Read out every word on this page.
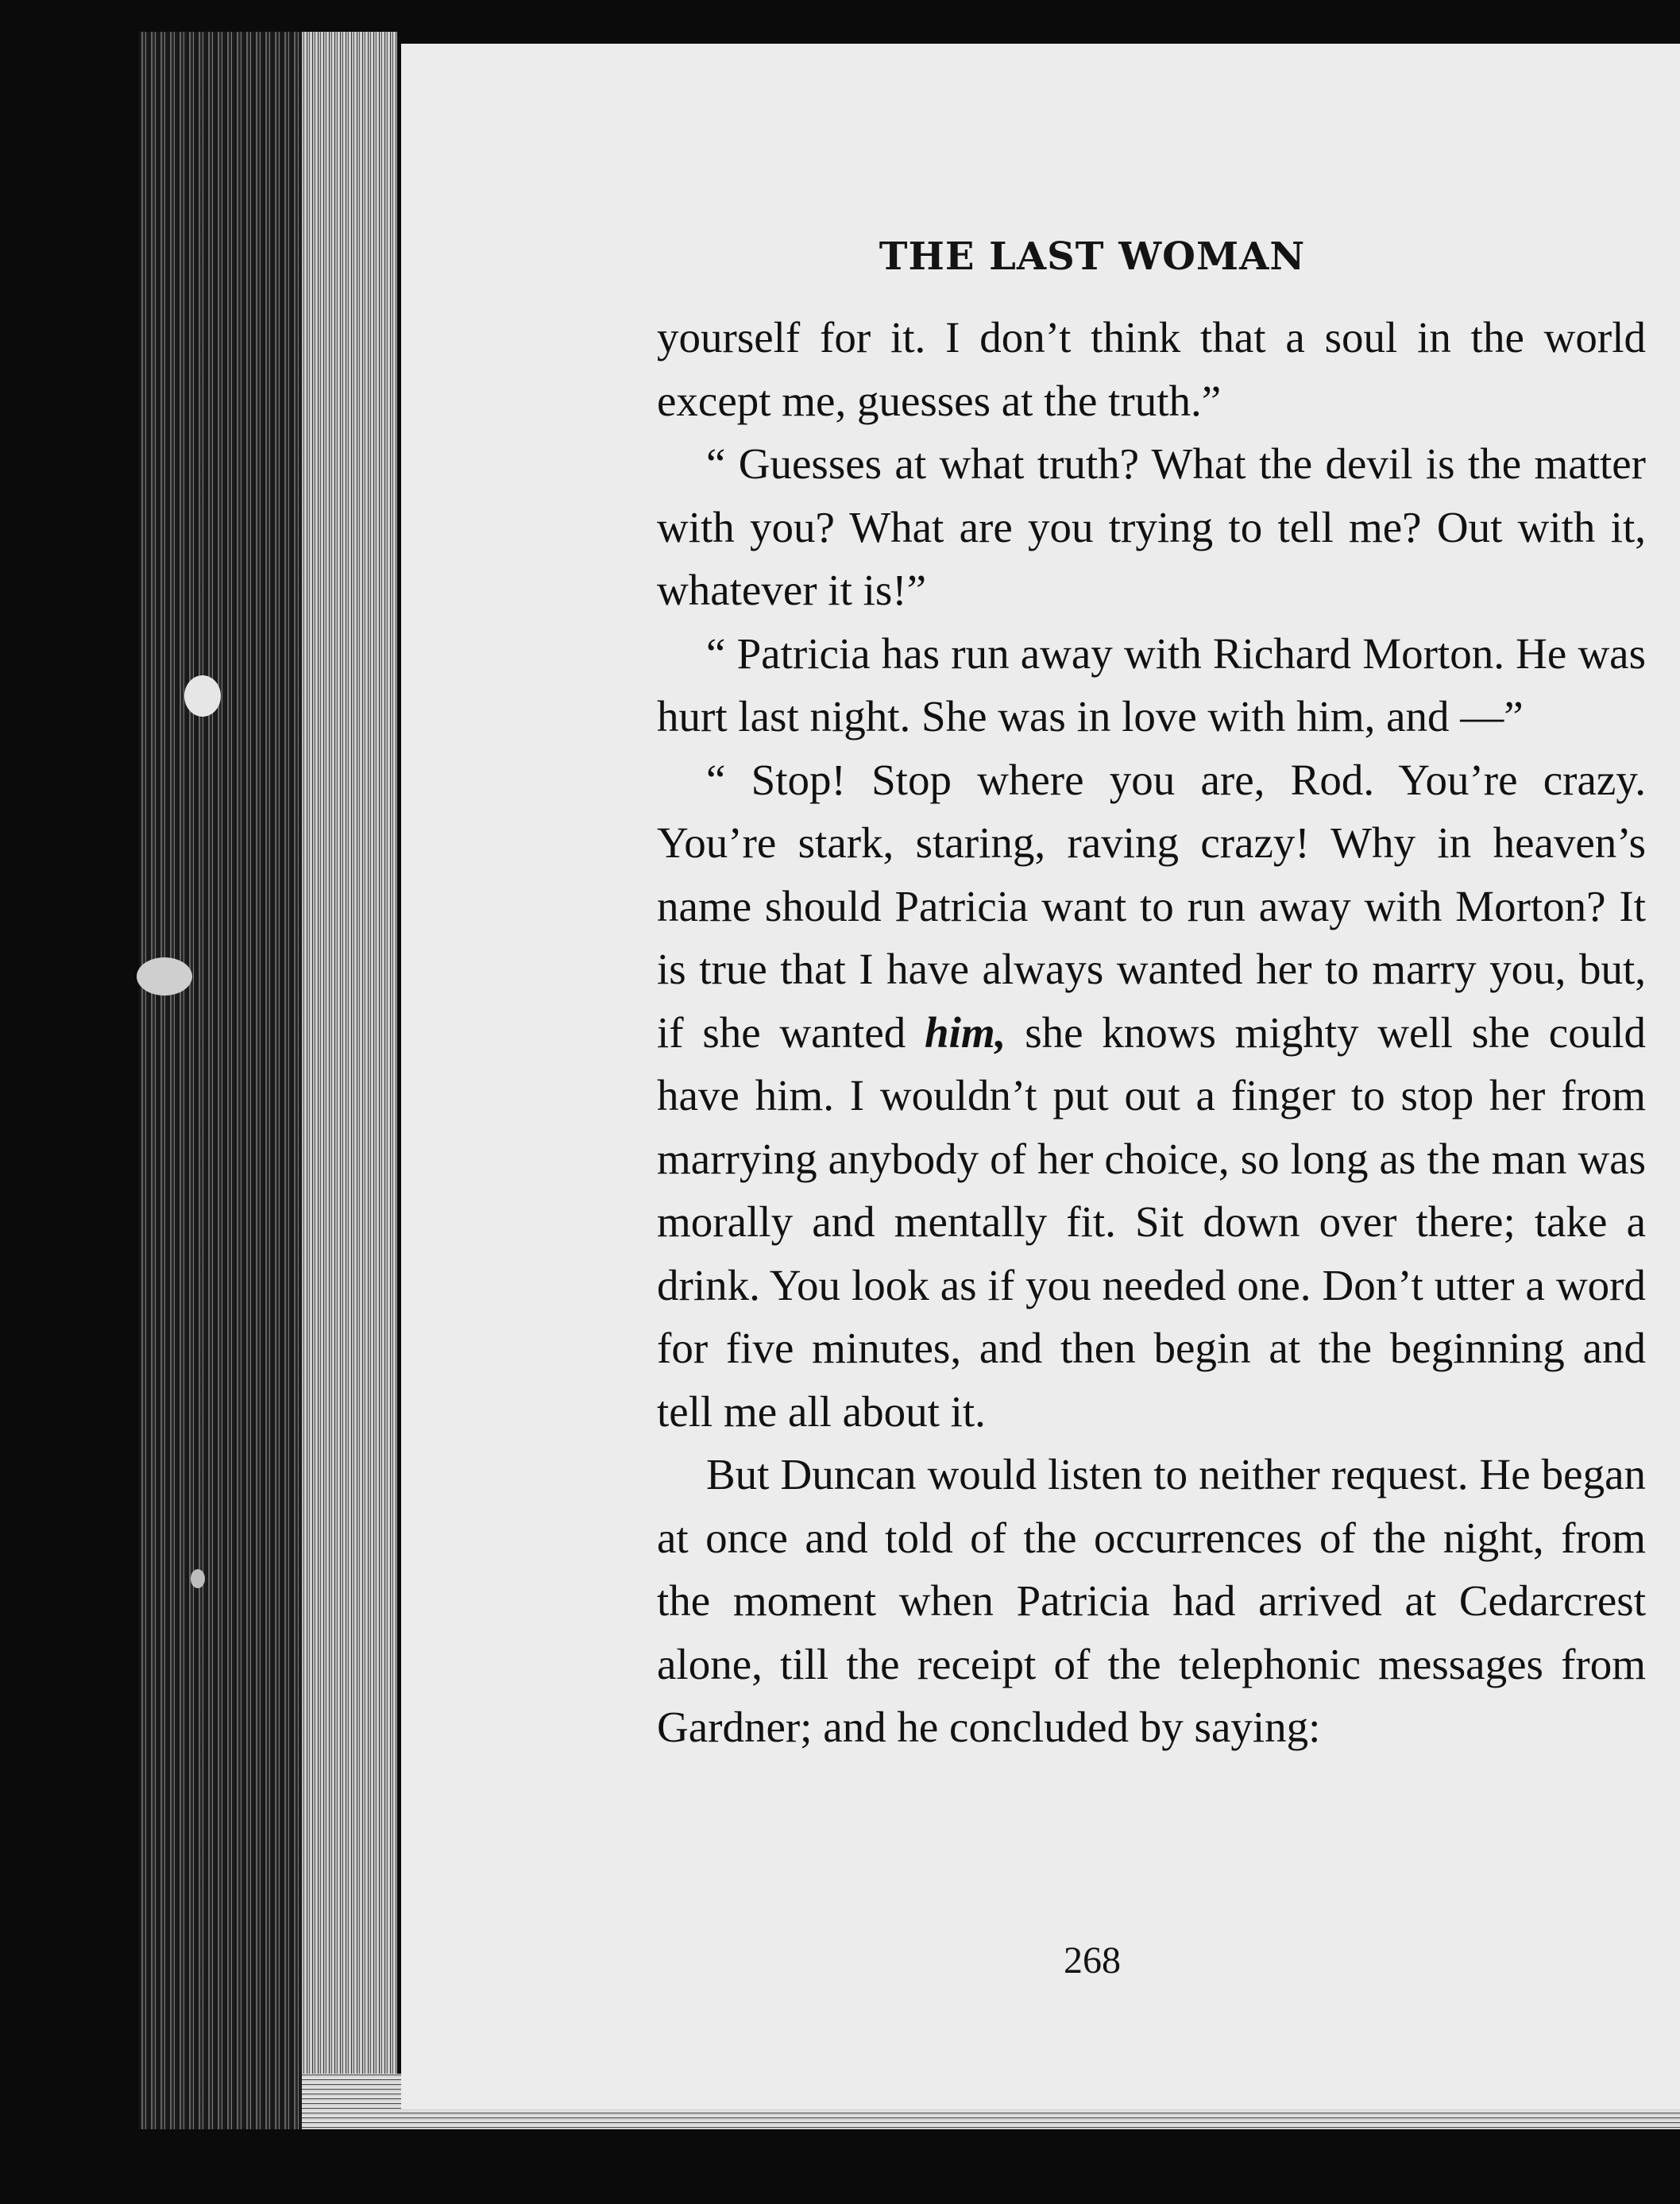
THE LAST WOMAN

yourself for it. I don’t think that a soul in the world except me, guesses at the truth.”

“ Guesses at what truth? What the devil is the matter with you? What are you trying to tell me? Out with it, whatever it is!”

“ Patricia has run away with Richard Morton. He was hurt last night. She was in love with him, and —”

“ Stop! Stop where you are, Rod. You’re crazy. You’re stark, staring, raving crazy! Why in heaven’s name should Patricia want to run away with Morton? It is true that I have always wanted her to marry you, but, if she wanted him, she knows mighty well she could have him. I wouldn’t put out a finger to stop her from marrying anybody of her choice, so long as the man was morally and mentally fit. Sit down over there; take a drink. You look as if you needed one. Don’t utter a word for five minutes, and then begin at the beginning and tell me all about it.

But Duncan would listen to neither request. He began at once and told of the occurrences of the night, from the moment when Patricia had arrived at Cedarcrest alone, till the receipt of the telephonic messages from Gardner; and he concluded by saying:

268
